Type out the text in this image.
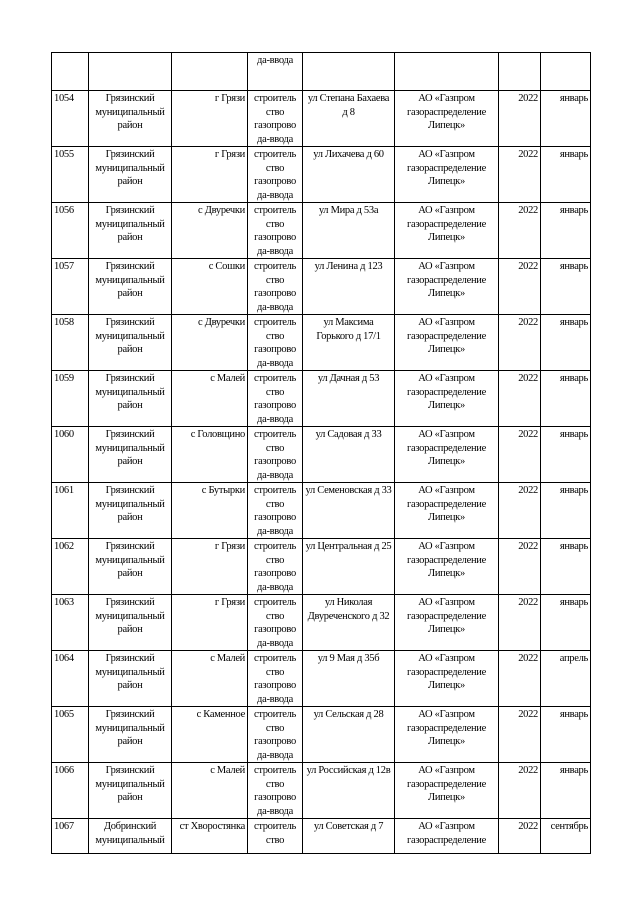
			да-ввода				
1054	Грязинский муниципальный район	г Грязи	строитель ство газопрово да-ввода	ул Степана Бахаева д 8	АО «Газпром газораспределение Липецк»	2022	январь
1055	Грязинский муниципальный район	г Грязи	строитель ство газопрово да-ввода	ул Лихачева д 60	АО «Газпром газораспределение Липецк»	2022	январь
1056	Грязинский муниципальный район	с Двуречки	строитель ство газопрово да-ввода	ул Мира д 53а	АО «Газпром газораспределение Липецк»	2022	январь
1057	Грязинский муниципальный район	с Сошки	строитель ство газопрово да-ввода	ул Ленина д 123	АО «Газпром газораспределение Липецк»	2022	январь
1058	Грязинский муниципальный район	с Двуречки	строитель ство газопрово да-ввода	ул Максима Горького д 17/1	АО «Газпром газораспределение Липецк»	2022	январь
1059	Грязинский муниципальный район	с Малей	строитель ство газопрово да-ввода	ул Дачная д 53	АО «Газпром газораспределение Липецк»	2022	январь
1060	Грязинский муниципальный район	с Головщино	строитель ство газопрово да-ввода	ул Садовая д 33	АО «Газпром газораспределение Липецк»	2022	январь
1061	Грязинский муниципальный район	с Бутырки	строитель ство газопрово да-ввода	ул Семеновская д 33	АО «Газпром газораспределение Липецк»	2022	январь
1062	Грязинский муниципальный район	г Грязи	строитель ство газопрово да-ввода	ул Центральная д 25	АО «Газпром газораспределение Липецк»	2022	январь
1063	Грязинский муниципальный район	г Грязи	строитель ство газопрово да-ввода	ул Николая Двуреченского д 32	АО «Газпром газораспределение Липецк»	2022	январь
1064	Грязинский муниципальный район	с Малей	строитель ство газопрово да-ввода	ул 9 Мая д 35б	АО «Газпром газораспределение Липецк»	2022	апрель
1065	Грязинский муниципальный район	с Каменное	строитель ство газопрово да-ввода	ул Сельская д 28	АО «Газпром газораспределение Липецк»	2022	январь
1066	Грязинский муниципальный район	с Малей	строитель ство газопрово да-ввода	ул Российская д 12в	АО «Газпром газораспределение Липецк»	2022	январь
1067	Добринский муниципальный	ст Хворостянка	строитель ство	ул Советская д 7	АО «Газпром газораспределение	2022	сентябрь
